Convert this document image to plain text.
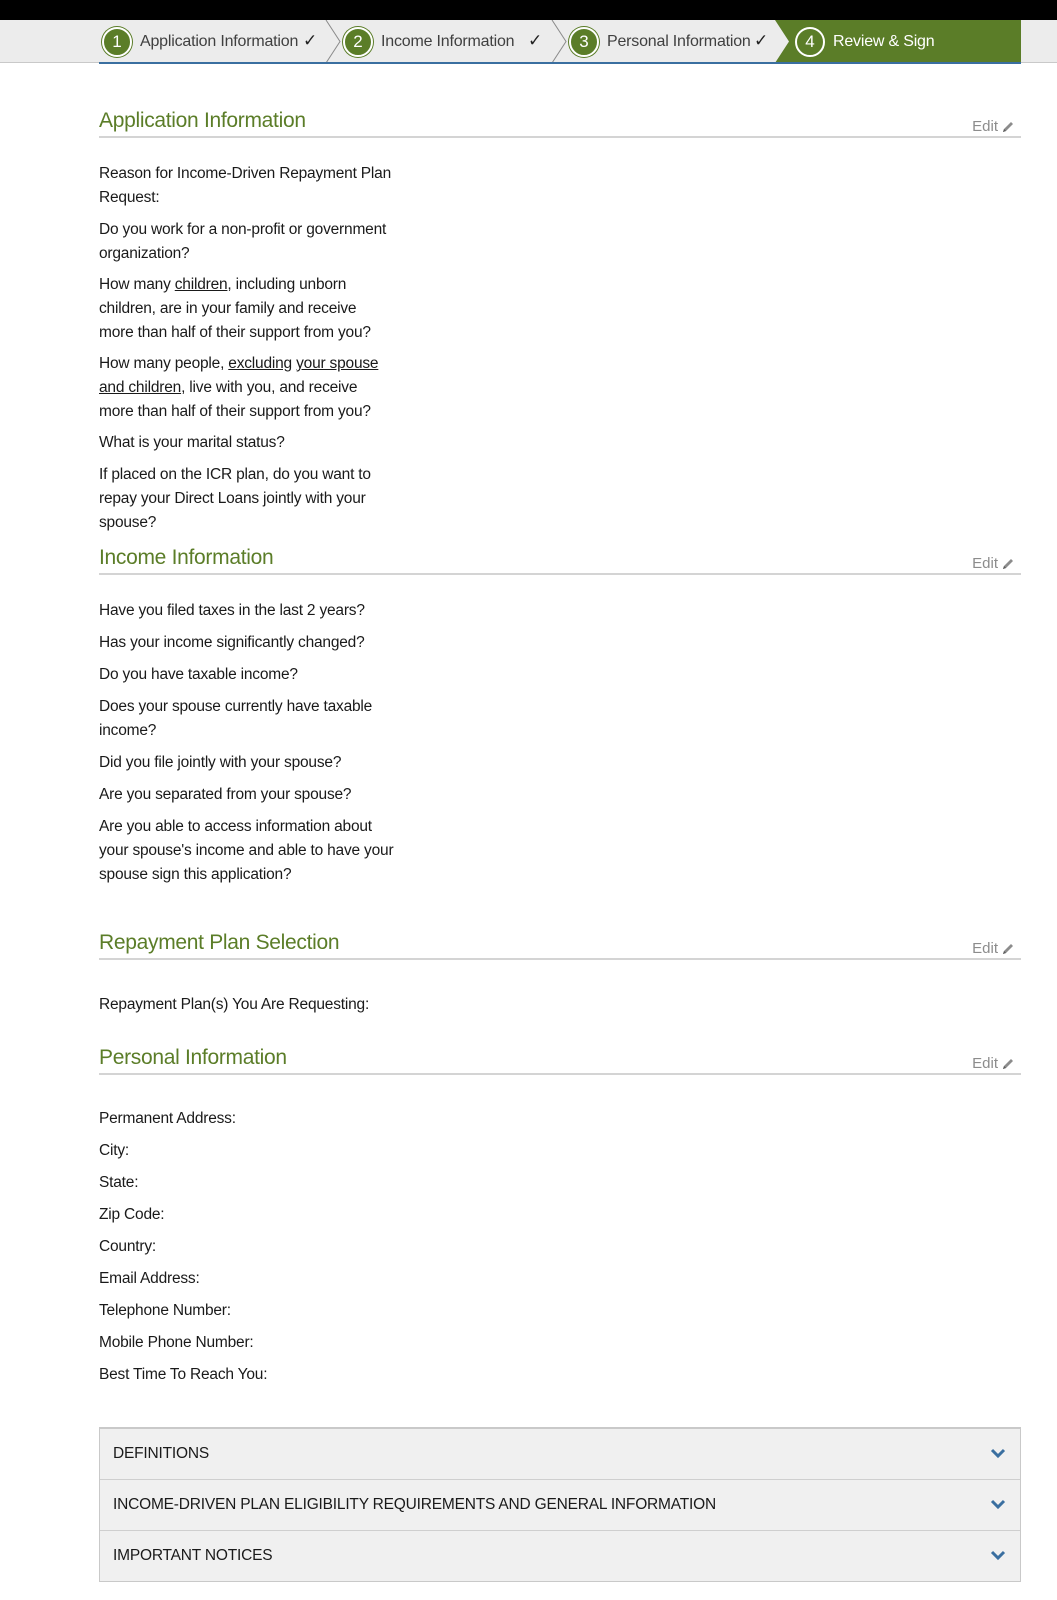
1	Application Information ✓	2	Income Information ✓	3	Personal Information ✓	4	Review & Sign
Application Information	Edit
Reason for Income-Driven Repayment Plan Request:
Do you work for a non-profit or government organization?
How many children, including unborn children, are in your family and receive more than half of their support from you?
How many people, excluding your spouse and children, live with you, and receive more than half of their support from you?
What is your marital status?
If placed on the ICR plan, do you want to repay your Direct Loans jointly with your spouse?
Income Information	Edit
Have you filed taxes in the last 2 years?
Has your income significantly changed?
Do you have taxable income?
Does your spouse currently have taxable income?
Did you file jointly with your spouse?
Are you separated from your spouse?
Are you able to access information about your spouse's income and able to have your spouse sign this application?
Repayment Plan Selection	Edit
Repayment Plan(s) You Are Requesting:
Personal Information	Edit
Permanent Address:
City:
State:
Zip Code:
Country:
Email Address:
Telephone Number:
Mobile Phone Number:
Best Time To Reach You:
DEFINITIONS
INCOME-DRIVEN PLAN ELIGIBILITY REQUIREMENTS AND GENERAL INFORMATION
IMPORTANT NOTICES
